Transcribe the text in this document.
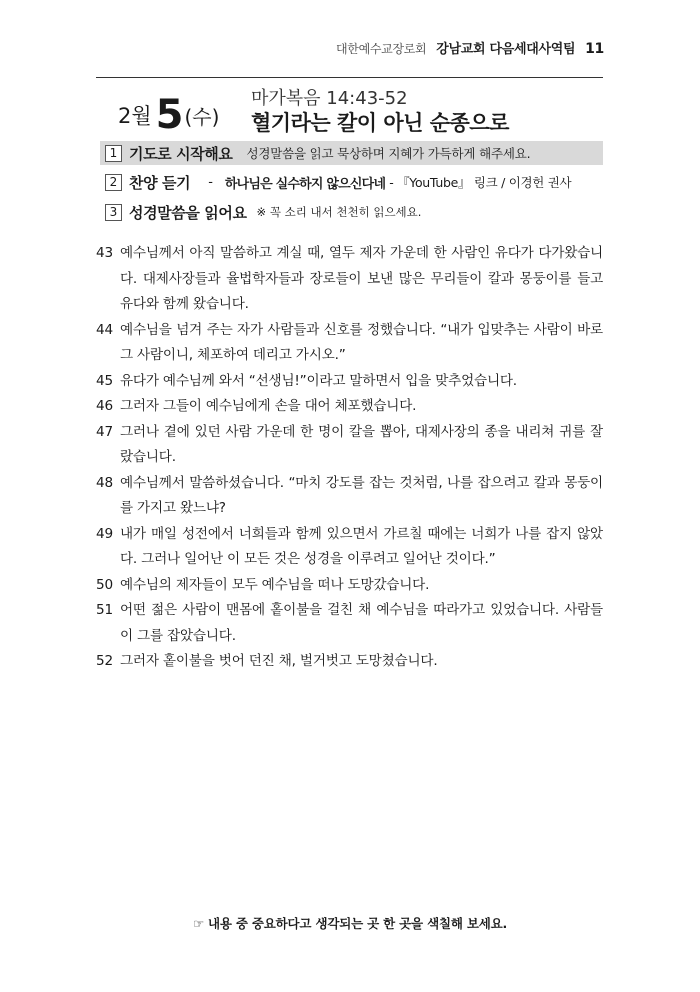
대한예수교장로회 강남교회 다음세대사역팀 11
2월 5 (수)
마가복음 14:43-52
혈기라는 칼이 아닌 순종으로
1 기도로 시작해요 성경말씀을 읽고 묵상하며 지혜가 가득하게 해주세요.
2 찬양 듣기 - 하나님은 실수하지 않으신다네 - 『YouTube』 링크 / 이경헌 권사
3 성경말씀을 읽어요 ※ 꼭 소리 내서 천천히 읽으세요.
43 예수님께서 아직 말씀하고 계실 때, 열두 제자 가운데 한 사람인 유다가 다가왔습니다. 대제사장들과 율법학자들과 장로들이 보낸 많은 무리들이 칼과 몽둥이를 들고 유다와 함께 왔습니다.
44 예수님을 넘겨 주는 자가 사람들과 신호를 정했습니다. “내가 입맞추는 사람이 바로 그 사람이니, 체포하여 데리고 가시오.”
45 유다가 예수님께 와서 “선생님!”이라고 말하면서 입을 맞추었습니다.
46 그러자 그들이 예수님에게 손을 대어 체포했습니다.
47 그러나 곁에 있던 사람 가운데 한 명이 칼을 뽑아, 대제사장의 종을 내리쳐 귀를 잘랐습니다.
48 예수님께서 말씀하셨습니다. “마치 강도를 잡는 것처럼, 나를 잡으려고 칼과 몽둥이를 가지고 왔느냐?
49 내가 매일 성전에서 너희들과 함께 있으면서 가르칠 때에는 너희가 나를 잡지 않았다. 그러나 일어난 이 모든 것은 성경을 이루려고 일어난 것이다.”
50 예수님의 제자들이 모두 예수님을 떠나 도망갔습니다.
51 어떤 젊은 사람이 맨몸에 홑이불을 걸친 채 예수님을 따라가고 있었습니다. 사람들이 그를 잡았습니다.
52 그러자 홑이불을 벗어 던진 채, 벌거벗고 도망쳤습니다.
☞ 내용 중 중요하다고 생각되는 곳 한 곳을 색칠해 보세요.
